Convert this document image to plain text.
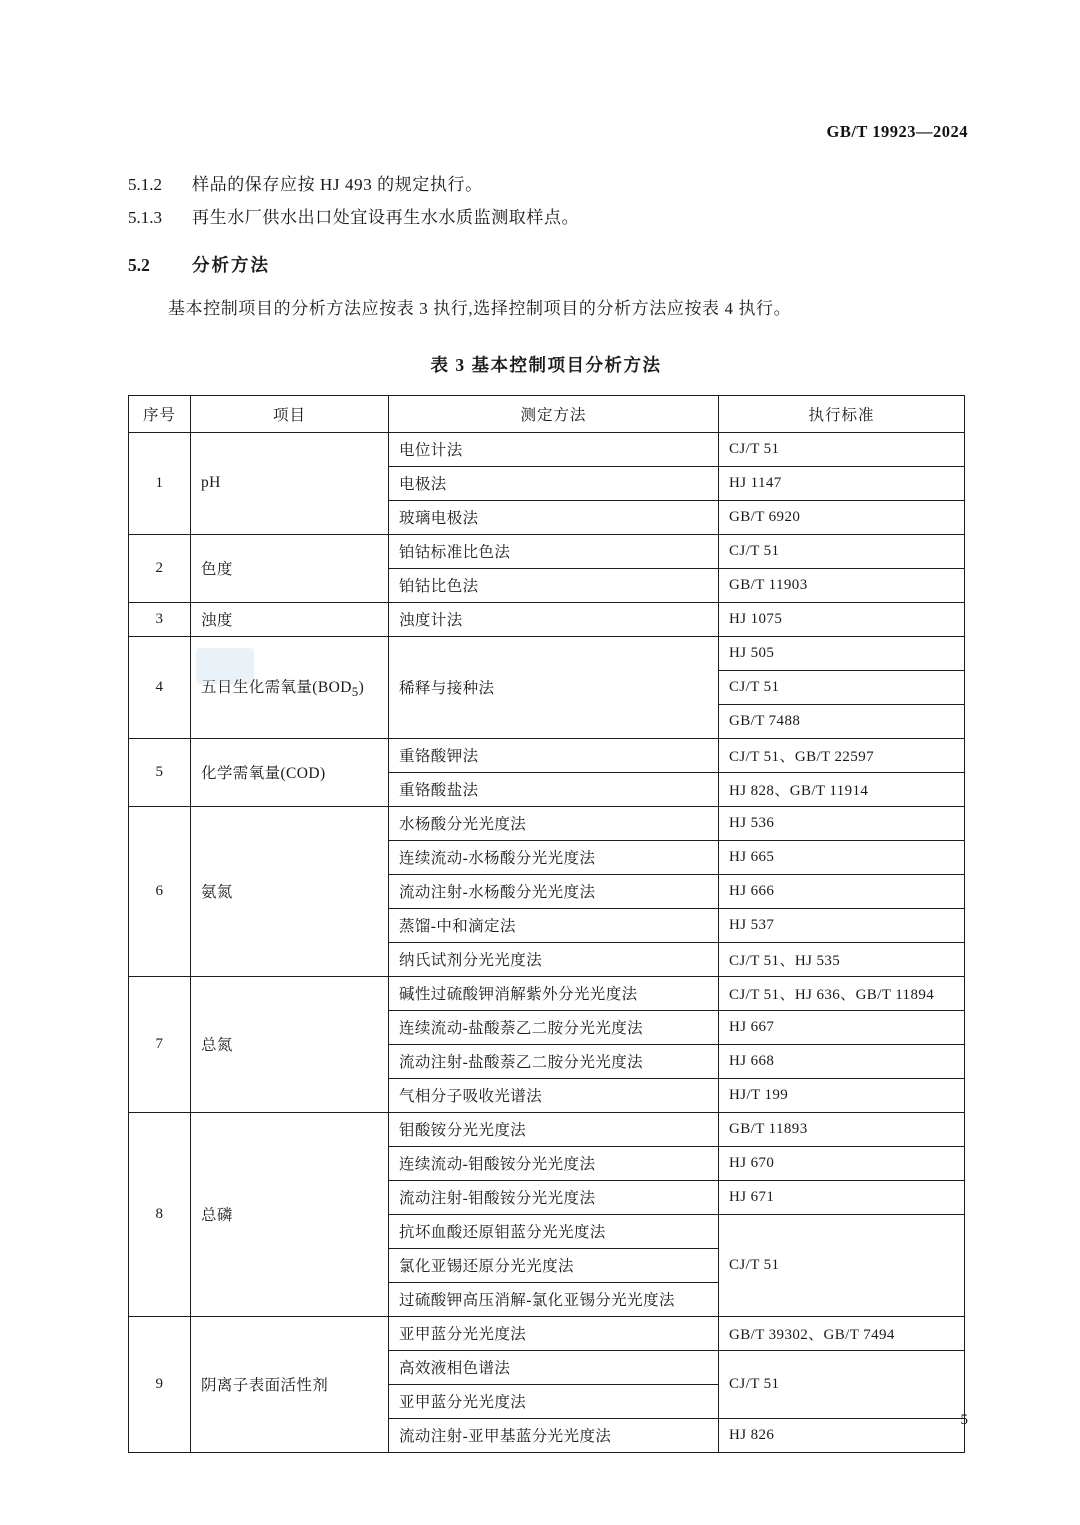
GB/T 19923—2024
5.1.2	样品的保存应按 HJ 493 的规定执行。
5.1.3	再生水厂供水出口处宜设再生水水质监测取样点。
5.2	分析方法
基本控制项目的分析方法应按表 3 执行,选择控制项目的分析方法应按表 4 执行。
表 3 基本控制项目分析方法
序号	项目	测定方法	执行标准
1	pH	电位计法	CJ/T 51
		电极法	HJ 1147
		玻璃电极法	GB/T 6920
2	色度	铂钴标准比色法	CJ/T 51
		铂钴比色法	GB/T 11903
3	浊度	浊度计法	HJ 1075
4	五日生化需氧量$(BOD_5)$	稀释与接种法	HJ 505
			CJ/T 51
			GB/T 7488
5	化学需氧量(COD)	重铬酸钾法	CJ/T 51、GB/T 22597
		重铬酸盐法	HJ 828、GB/T 11914
6	氨氮	水杨酸分光光度法	HJ 536
		连续流动-水杨酸分光光度法	HJ 665
		流动注射-水杨酸分光光度法	HJ 666
		蒸馏-中和滴定法	HJ 537
		纳氏试剂分光光度法	CJ/T 51、HJ 535
7	总氮	碱性过硫酸钾消解紫外分光光度法	CJ/T 51、HJ 636、GB/T 11894
		连续流动-盐酸萘乙二胺分光光度法	HJ 667
		流动注射-盐酸萘乙二胺分光光度法	HJ 668
		气相分子吸收光谱法	HJ/T 199
8	总磷	钼酸铵分光光度法	GB/T 11893
		连续流动-钼酸铵分光光度法	HJ 670
		流动注射-钼酸铵分光光度法	HJ 671
		抗坏血酸还原钼蓝分光光度法	CJ/T 51
		氯化亚锡还原分光光度法	
		过硫酸钾高压消解-氯化亚锡分光光度法	
9	阴离子表面活性剂	亚甲蓝分光光度法	GB/T 39302、GB/T 7494
		高效液相色谱法	CJ/T 51
		亚甲蓝分光光度法	
		流动注射-亚甲基蓝分光光度法	HJ 826
5
